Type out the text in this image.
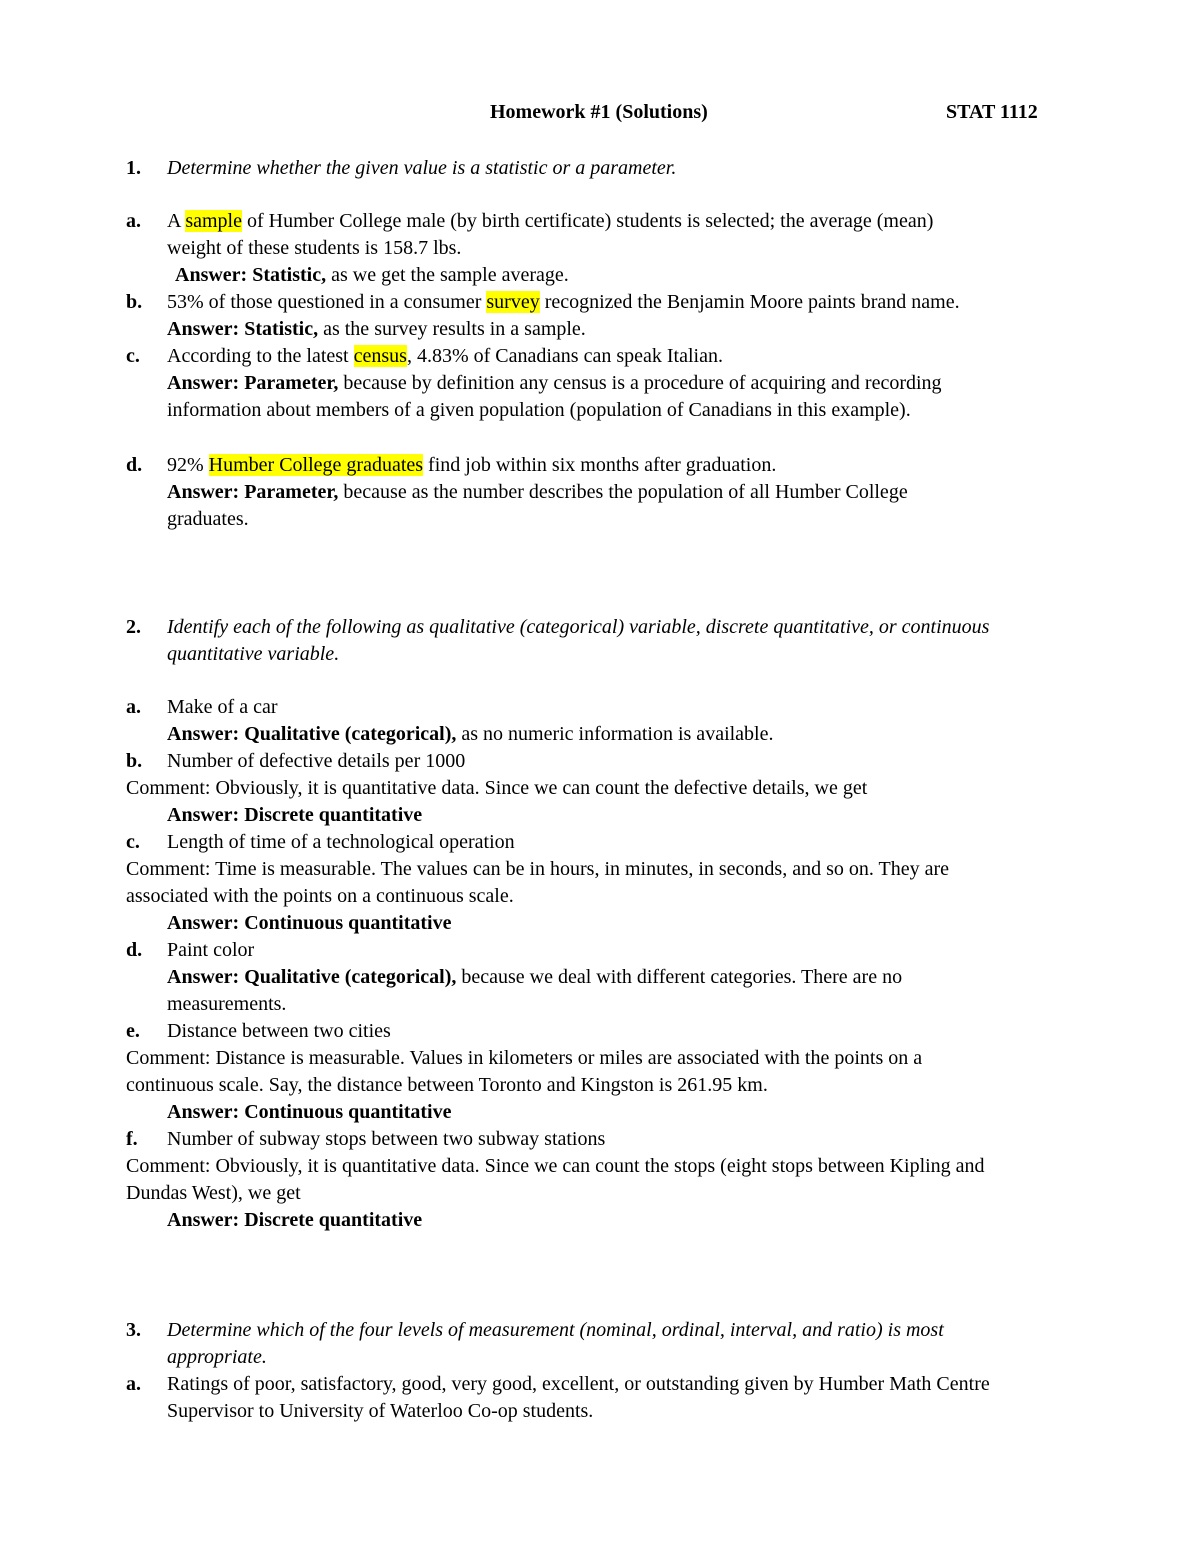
Homework #1 (Solutions)	STAT 1112
1. Determine whether the given value is a statistic or a parameter.
a. A sample of Humber College male (by birth certificate) students is selected; the average (mean)
weight of these students is 158.7 lbs.
Answer: Statistic, as we get the sample average.
b. 53% of those questioned in a consumer survey recognized the Benjamin Moore paints brand name.
Answer: Statistic, as the survey results in a sample.
c. According to the latest census, 4.83% of Canadians can speak Italian.
Answer: Parameter, because by definition any census is a procedure of acquiring and recording
information about members of a given population (population of Canadians in this example).
d. 92% Humber College graduates find job within six months after graduation.
Answer: Parameter, because as the number describes the population of all Humber College
graduates.
2. Identify each of the following as qualitative (categorical) variable, discrete quantitative, or continuous
quantitative variable.
a. Make of a car
Answer: Qualitative (categorical), as no numeric information is available.
b. Number of defective details per 1000
Comment: Obviously, it is quantitative data. Since we can count the defective details, we get
Answer: Discrete quantitative
c. Length of time of a technological operation
Comment: Time is measurable. The values can be in hours, in minutes, in seconds, and so on. They are
associated with the points on a continuous scale.
Answer: Continuous quantitative
d. Paint color
Answer: Qualitative (categorical), because we deal with different categories. There are no
measurements.
e. Distance between two cities
Comment: Distance is measurable. Values in kilometers or miles are associated with the points on a
continuous scale. Say, the distance between Toronto and Kingston is 261.95 km.
Answer: Continuous quantitative
f. Number of subway stops between two subway stations
Comment: Obviously, it is quantitative data. Since we can count the stops (eight stops between Kipling and
Dundas West), we get
Answer: Discrete quantitative
3. Determine which of the four levels of measurement (nominal, ordinal, interval, and ratio) is most
appropriate.
a. Ratings of poor, satisfactory, good, very good, excellent, or outstanding given by Humber Math Centre
Supervisor to University of Waterloo Co-op students.
